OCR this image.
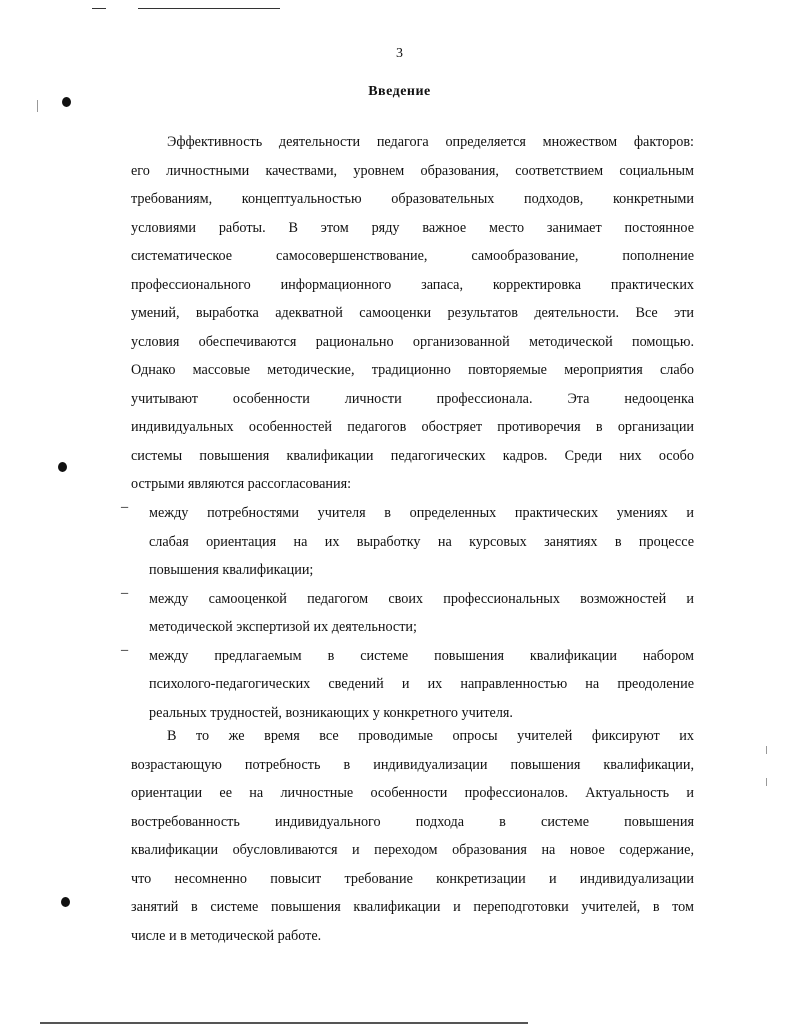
3
Введение
Эффективность деятельности педагога определяется множеством факторов:
его личностными качествами, уровнем образования, соответствием социальным
требованиям, концептуальностью образовательных подходов, конкретными
условиями работы. В этом ряду важное место занимает постоянное
систематическое самосовершенствование, самообразование, пополнение
профессионального информационного запаса, корректировка практических
умений, выработка адекватной самооценки результатов деятельности. Все эти
условия обеспечиваются рационально организованной методической помощью.
Однако массовые методические, традиционно повторяемые мероприятия слабо
учитывают особенности личности профессионала. Эта недооценка
индивидуальных особенностей педагогов обостряет противоречия в организации
системы повышения квалификации педагогических кадров. Среди них особо
острыми являются рассогласования:
–	между потребностями учителя в определенных практических умениях и
слабая ориентация на их выработку на курсовых занятиях в процессе
повышения квалификации;
–	между самооценкой педагогом своих профессиональных возможностей и
методической экспертизой их деятельности;
–	между предлагаемым в системе повышения квалификации набором
психолого-педагогических сведений и их направленностью на преодоление
реальных трудностей, возникающих у конкретного учителя.
В то же время все проводимые опросы учителей фиксируют их
возрастающую потребность в индивидуализации повышения квалификации,
ориентации ее на личностные особенности профессионалов. Актуальность и
востребованность индивидуального подхода в системе повышения
квалификации обусловливаются и переходом образования на новое содержание,
что несомненно повысит требование конкретизации и индивидуализации
занятий в системе повышения квалификации и переподготовки учителей, в том
числе и в методической работе.
